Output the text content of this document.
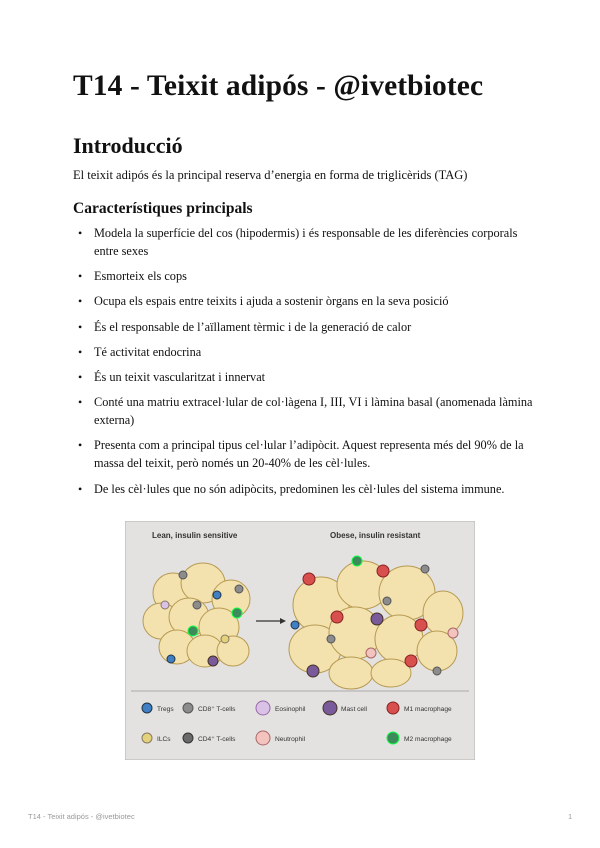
T14 - Teixit adipós - @ivetbiotec
Introducció

El teixit adipós és la principal reserva d’energia en forma de triglicèrids (TAG)

Característiques principals
• Modela la superfície del cos (hipodermis) i és responsable de les diferències corporals entre sexes
• Esmorteix els cops
• Ocupa els espais entre teixits i ajuda a sostenir òrgans en la seva posició
• És el responsable de l’aïllament tèrmic i de la generació de calor
• Té activitat endocrina
• És un teixit vascularitzat i innervat
• Conté una matriu extracel·lular de col·làgena I, III, VI i làmina basal (anomenada làmina externa)
• Presenta com a principal tipus cel·lular l’adipòcit. Aquest representa més del 90% de la massa del teixit, però només un 20-40% de les cèl·lules.
• De les cèl·lules que no són adipòcits, predominen les cèl·lules del sistema immune.
Lean, insulin sensitive	Obese, insulin resistant
Tregs	CD8⁺ T-cells	Eosinophil	Mast cell	M1 macrophage
ILCs	CD4⁺ T-cells	Neutrophil	M2 macrophage
T14 - Teixit adipós - @ivetbiotec	1
